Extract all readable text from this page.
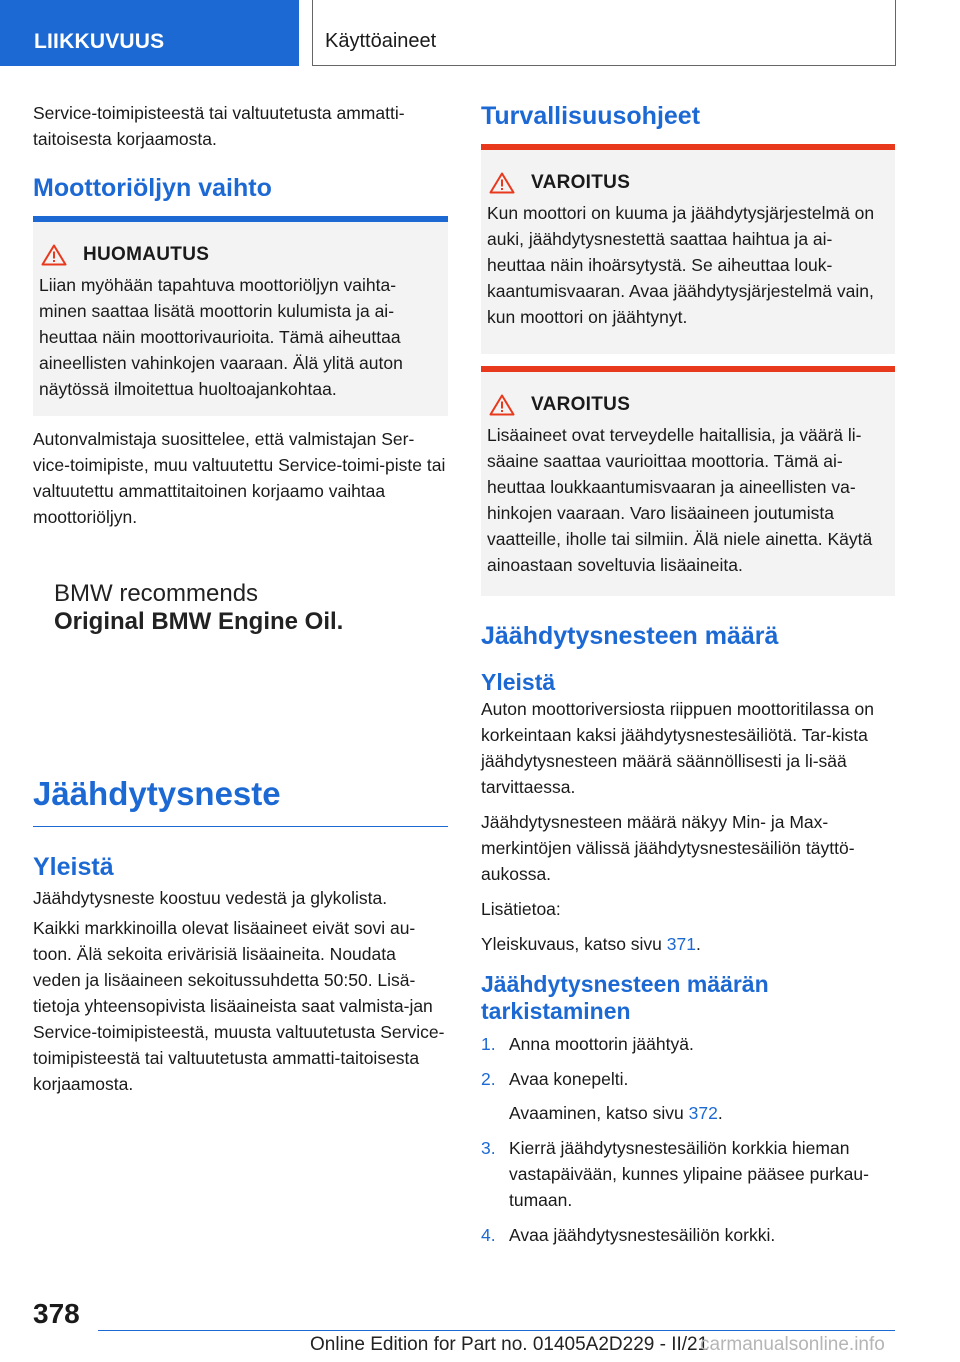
LIIKKUVUUS	Käyttöaineet

Service-toimipisteestä tai valtuutetusta ammatti-taitoisesta korjaamosta.

Moottoriöljyn vaihto
HUOMAUTUS

Liian myöhään tapahtuva moottoriöljyn vaihta-minen saattaa lisätä moottorin kulumista ja ai-heuttaa näin moottorivaurioita. Tämä aiheuttaa aineellisten vahinkojen vaaraan. Älä ylitä auton näytössä ilmoitettua huoltoajankohtaa.

Autonvalmistaja suosittelee, että valmistajan Ser-vice-toimipiste, muu valtuutettu Service-toimi-piste tai valtuutettu ammattitaitoinen korjaamo vaihtaa moottoriöljyn.

BMW recommends
Original BMW Engine Oil.
Jäähdytysneste
Yleistä

Jäähdytysneste koostuu vedestä ja glykolista.

Kaikki markkinoilla olevat lisäaineet eivät sovi au-toon. Älä sekoita erivärisiä lisäaineita. Noudata veden ja lisäaineen sekoitussuhdetta 50:50. Lisä-tietoja yhteensopivista lisäaineista saat valmista-jan Service-toimipisteestä, muusta valtuutetusta Service-toimipisteestä tai valtuutetusta ammatti-taitoisesta korjaamosta.

Turvallisuusohjeet
VAROITUS

Kun moottori on kuuma ja jäähdytysjärjestelmä on auki, jäähdytysnestettä saattaa haihtua ja ai-heuttaa näin ihoärsytystä. Se aiheuttaa louk-kaantumisvaaran. Avaa jäähdytysjärjestelmä vain, kun moottori on jäähtynyt.

VAROITUS

Lisäaineet ovat terveydelle haitallisia, ja väärä li-säaine saattaa vaurioittaa moottoria. Tämä ai-heuttaa loukkaantumisvaaran ja aineellisten va-hinkojen vaaraan. Varo lisäaineen joutumista vaatteille, iholle tai silmiin. Älä niele ainetta. Käytä ainoastaan soveltuvia lisäaineita.

Jäähdytysnesteen määrä
Yleistä

Auton moottoriversiosta riippuen moottoritilassa on korkeintaan kaksi jäähdytysnestesäiliötä. Tar-kista jäähdytysnesteen määrä säännöllisesti ja li-sää tarvittaessa.

Jäähdytysnesteen määrä näkyy Min- ja Max-merkintöjen välissä jäähdytysnestesäiliön täyttö-aukossa.

Lisätietoa:

Yleiskuvaus, katso sivu 371.

Jäähdytysnesteen määrän tarkistaminen
1. Anna moottorin jäähtyä.
2. Avaa konepelti.
Avaaminen, katso sivu 372.
3. Kierrä jäähdytysnestesäiliön korkkia hieman vastapäivään, kunnes ylipaine pääsee purkau-tumaan.
4. Avaa jäähdytysnestesäiliön korkki.
378
Online Edition for Part no. 01405A2D229 - II/21
carmanualsonline.info
